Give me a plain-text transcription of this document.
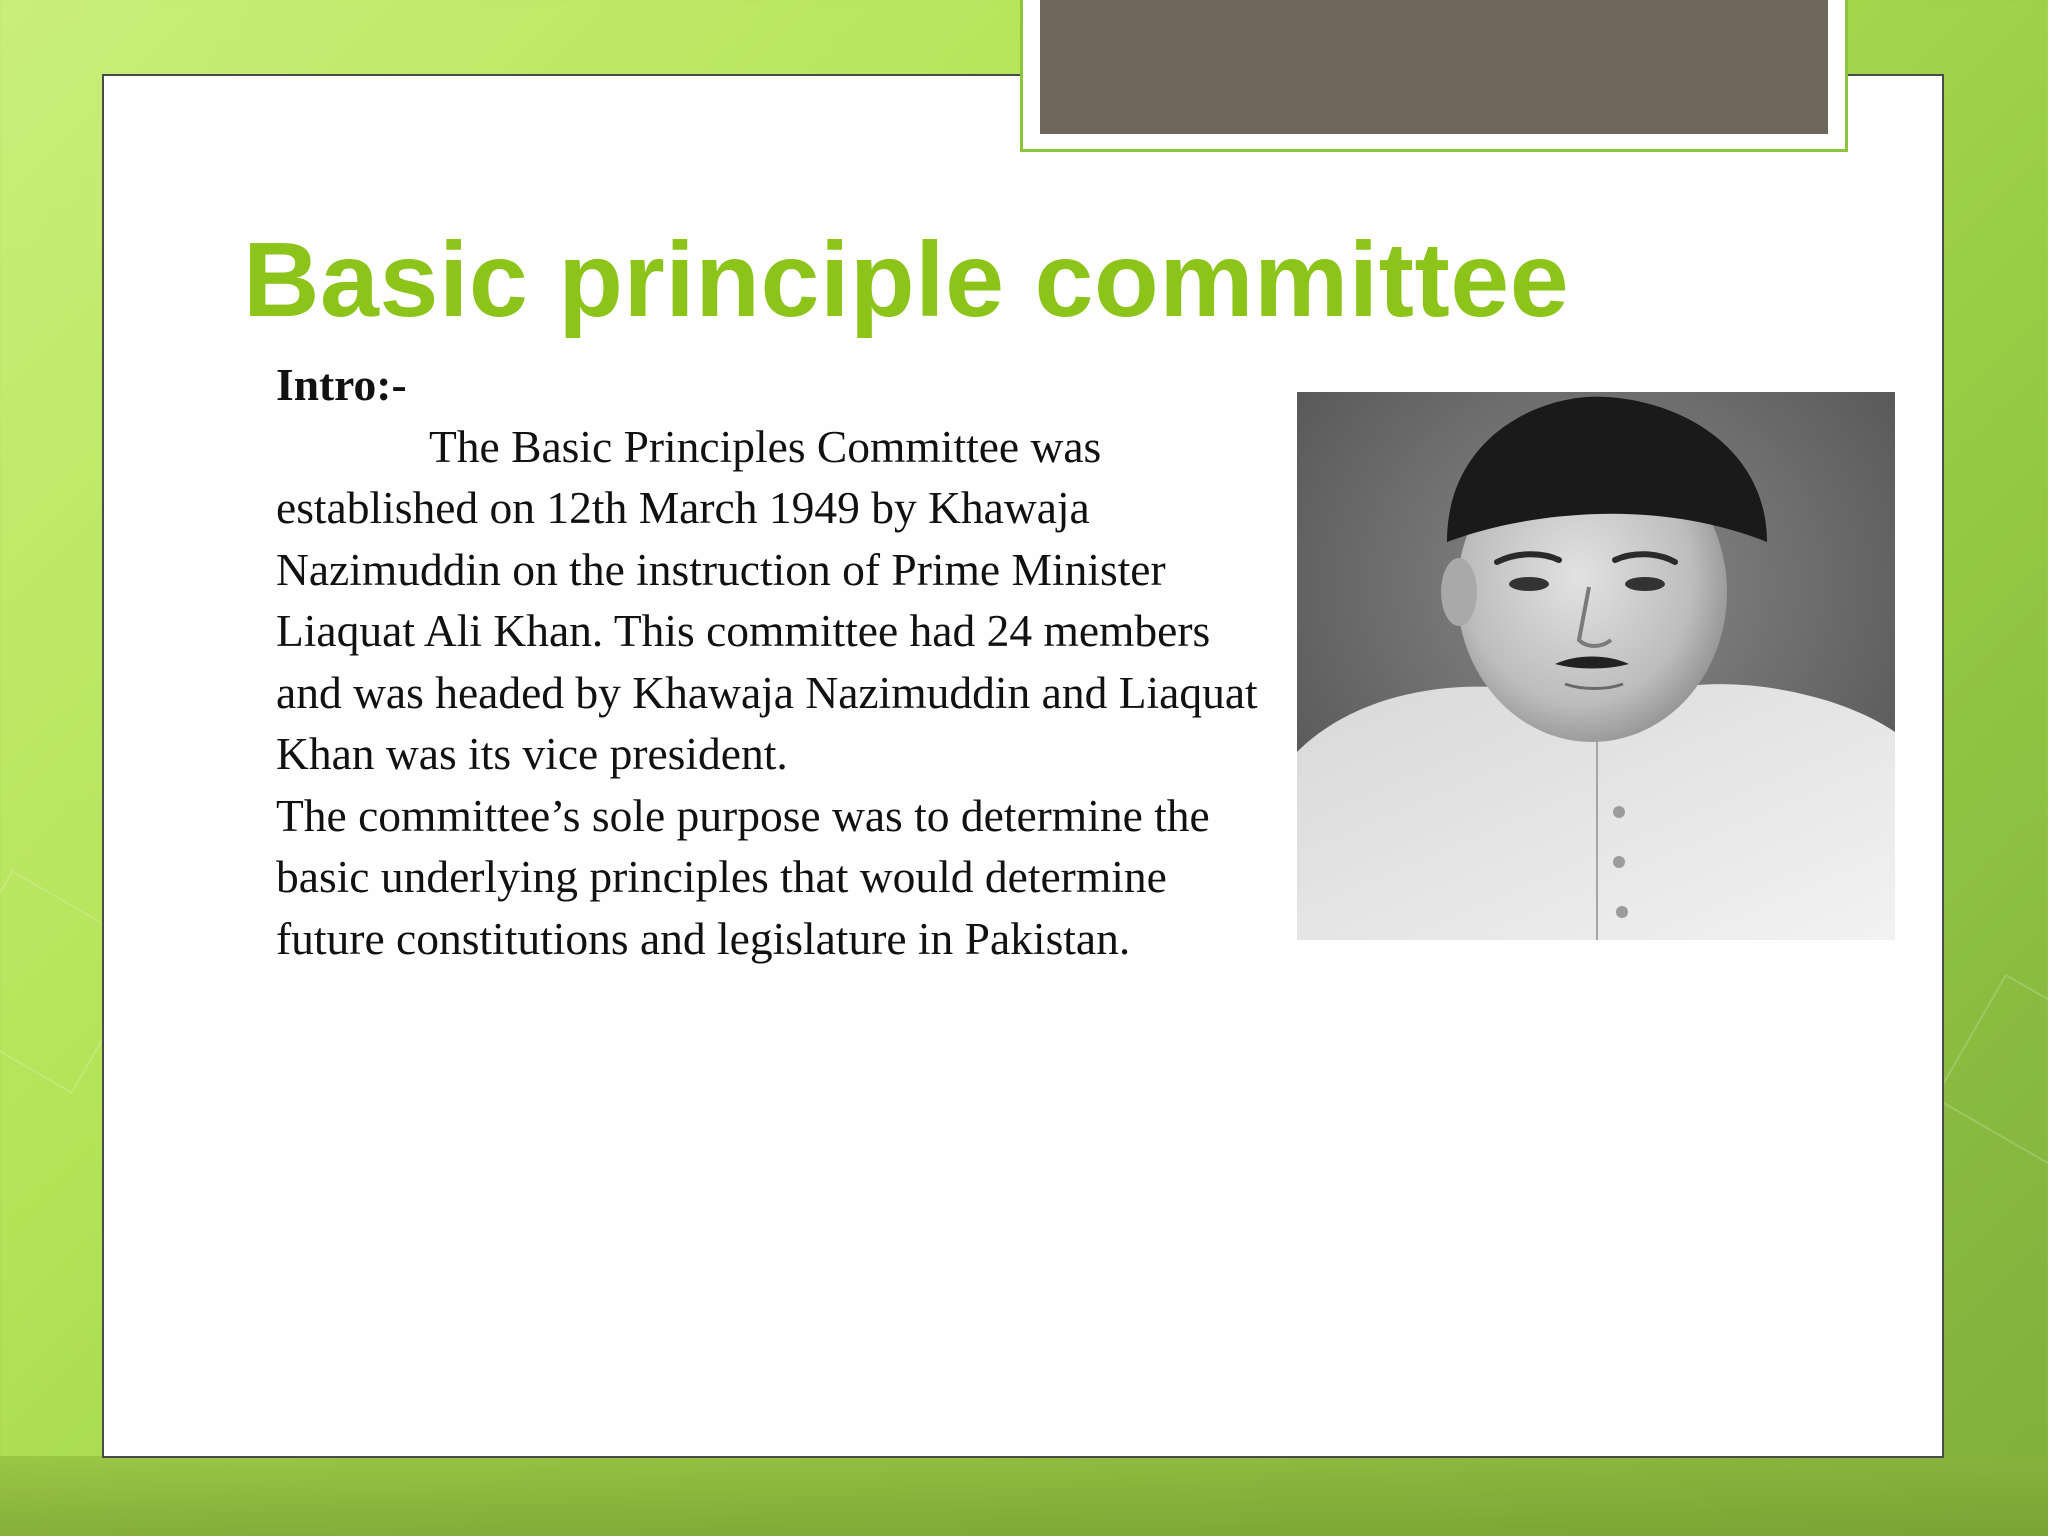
Basic principle committee

Intro:-

The Basic Principles Committee was established on 12th March 1949 by Khawaja Nazimuddin on the instruction of Prime Minister Liaquat Ali Khan. This committee had 24 members and was headed by Khawaja Nazimuddin and Liaquat Khan was its vice president.

The committee’s sole purpose was to determine the basic underlying principles that would determine future constitutions and legislature in Pakistan.
